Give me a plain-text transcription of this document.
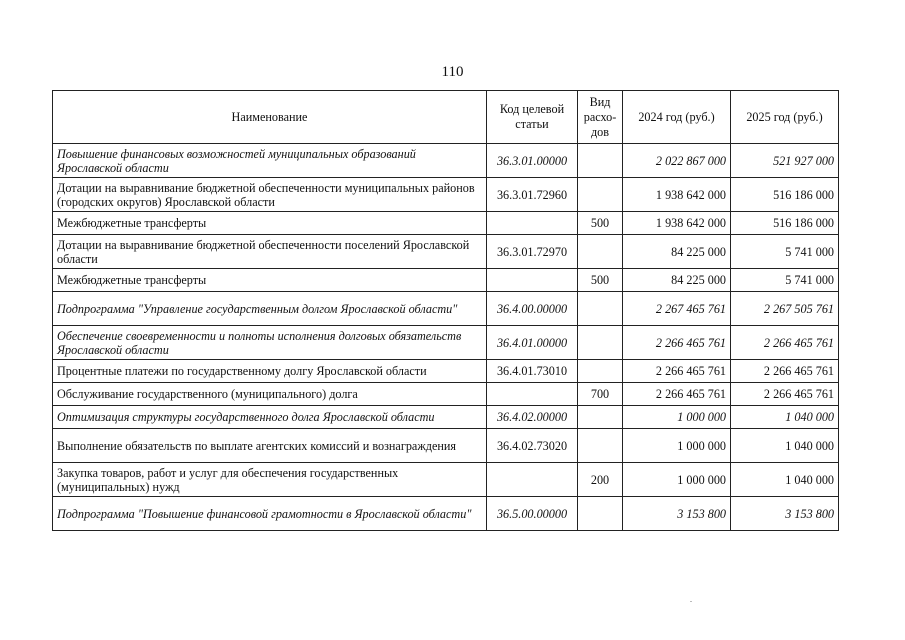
110
Наименование	Код целевой статьи	Вид расхо-дов	2024 год (руб.)	2025 год (руб.)
Повышение финансовых возможностей муниципальных образований Ярославской области	36.3.01.00000		2 022 867 000	521 927 000
Дотации на выравнивание бюджетной обеспеченности муниципальных районов (городских округов) Ярославской области	36.3.01.72960		1 938 642 000	516 186 000
Межбюджетные трансферты		500	1 938 642 000	516 186 000
Дотации на выравнивание бюджетной обеспеченности поселений Ярославской области	36.3.01.72970		84 225 000	5 741 000
Межбюджетные трансферты		500	84 225 000	5 741 000
Подпрограмма "Управление государственным долгом Ярославской области"	36.4.00.00000		2 267 465 761	2 267 505 761
Обеспечение своевременности и полноты исполнения долговых обязательств Ярославской области	36.4.01.00000		2 266 465 761	2 266 465 761
Процентные платежи по государственному долгу Ярославской области	36.4.01.73010		2 266 465 761	2 266 465 761
Обслуживание государственного (муниципального) долга		700	2 266 465 761	2 266 465 761
Оптимизация структуры государственного долга Ярославской области	36.4.02.00000		1 000 000	1 040 000
Выполнение обязательств по выплате агентских комиссий и вознаграждения	36.4.02.73020		1 000 000	1 040 000
Закупка товаров, работ и услуг для обеспечения государственных (муниципальных) нужд		200	1 000 000	1 040 000
Подпрограмма "Повышение финансовой грамотности в Ярославской области"	36.5.00.00000		3 153 800	3 153 800
